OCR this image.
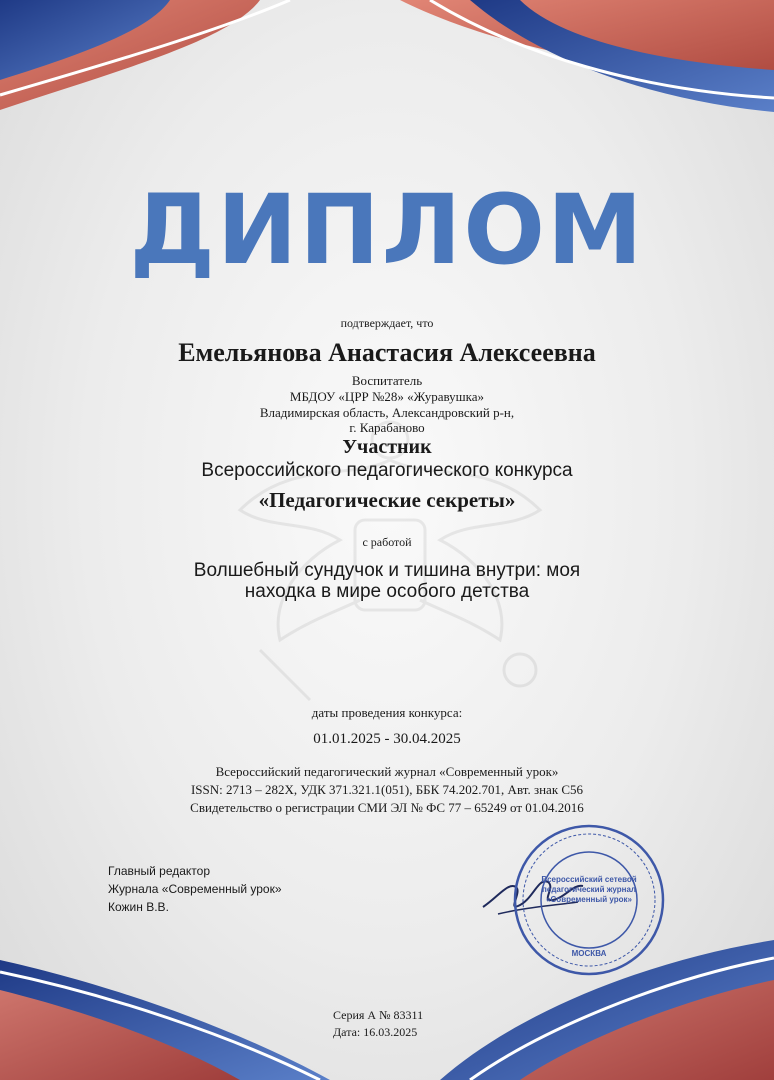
ДИПЛОМ
подтверждает, что
Емельянова Анастасия Алексеевна
Воспитатель
МБДОУ «ЦРР №28» «Журавушка»
Владимирская область, Александровский р-н,
г. Карабаново
Участник
Всероссийского педагогического конкурса
«Педагогические секреты»
с работой
Волшебный сундучок и тишина внутри: моя
находка в мире особого детства
даты проведения конкурса:
01.01.2025 - 30.04.2025
Всероссийский педагогический журнал «Современный урок»
ISSN: 2713 – 282X, УДК 371.321.1(051), ББК 74.202.701, Авт. знак С56
Свидетельство о регистрации СМИ ЭЛ № ФС 77 – 65249 от 01.04.2016
Главный редактор
Журнала «Современный урок»
Кожин В.В.
Всероссийский сетевой
педагогический журнал
«Современный урок»
МОСКВА
Серия А № 83311
Дата: 16.03.2025
